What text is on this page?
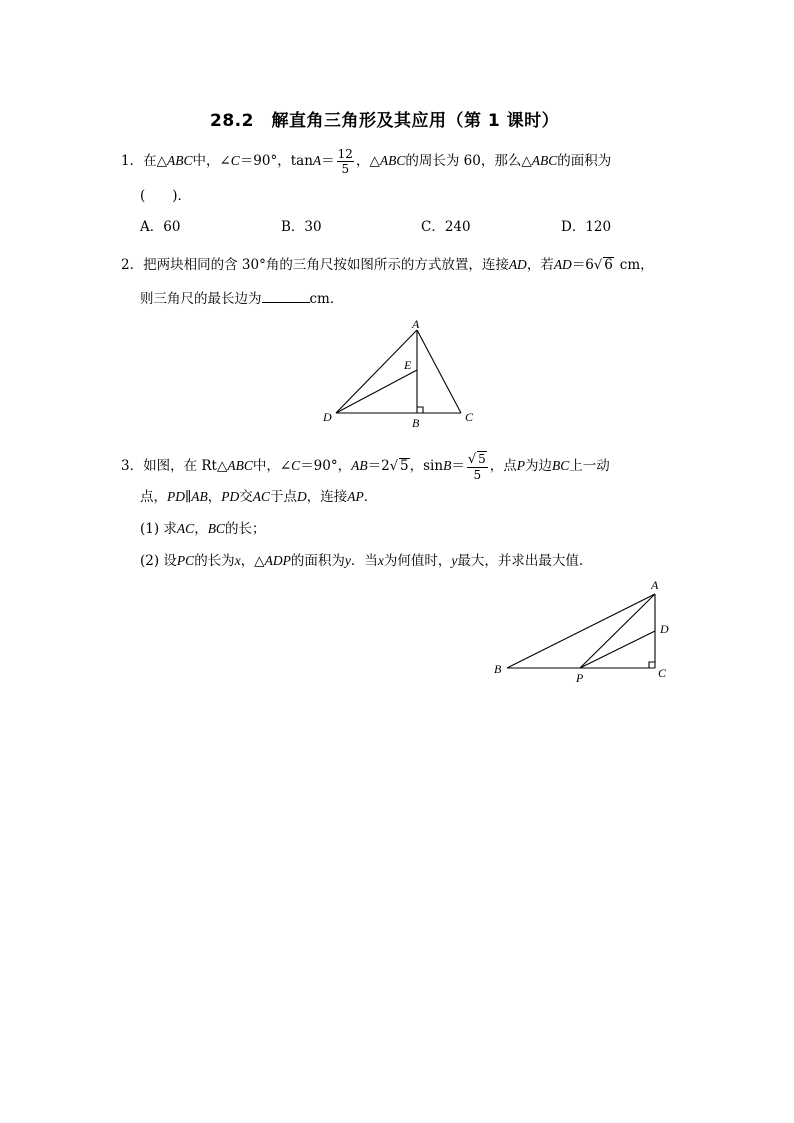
28.2　解直角三角形及其应用（第 1 课时）
1．在△ABC中，∠C＝90°，$\tan A= \frac{12}{5}$ ，△ABC的周长为 60，那么△ABC的面积为
(　　)．
A．60	B．30	C．240	D．120
2．把两块相同的含 30°角的三角尺按如图所示的方式放置，连接AD，若AD＝6√ 6 cm，
则三角尺的最长边为	cm．
A
E
D	B	C
3．如图，在 Rt△ABC中，∠C＝90°，AB＝2√ 5，$\sin B= \frac{√ 5}{5}$ ，点P为边BC上一动
点，PD∥AB，PD交AC于点D，连接AP．
(1) 求AC，BC的长；
(2) 设PC的长为x，△ADP的面积为y．当x为何值时，y最大，并求出最大值．
A
D
B
P	C
